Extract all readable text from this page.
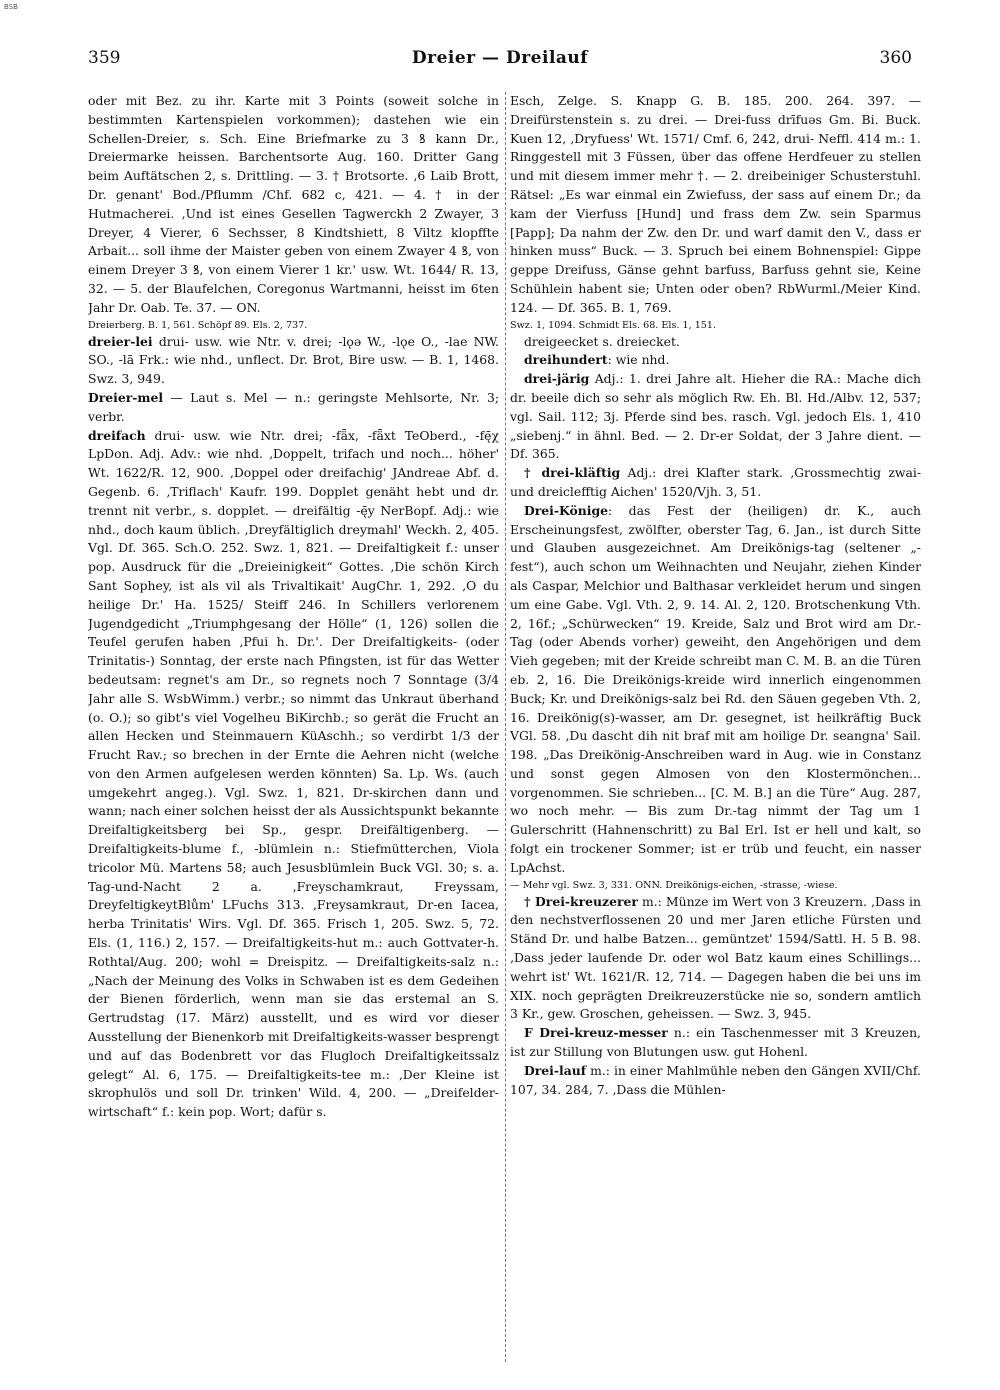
BSB
359	Dreier — Dreilauf	360

oder mit Bez. zu ihr. Karte mit 3 Points (soweit solche in bestimmten Kartenspielen vorkommen); dastehen wie ein Schellen-Dreier, s. Sch. Eine Briefmarke zu 3 ꝸ kann Dr., Dreiermarke heissen. Barchentsorte Aug. 160. Dritter Gang beim Auftätschen 2, s. Drittling. — 3. † Brotsorte. ‚6 Laib Brott, Dr. genant' Bod./Pflumm /Chf. 682 c, 421. — 4. † in der Hutmacherei. ‚Und ist eines Gesellen Tagwerckh 2 Zwayer, 3 Dreyer, 4 Vierer, 6 Sechsser, 8 Kindtshiett, 8 Viltz klopffte Arbait... soll ihme der Maister geben von einem Zwayer 4 ꝸ, von einem Dreyer 3 ꝸ, von einem Vierer 1 kr.' usw. Wt. 1644/ R. 13, 32. — 5. der Blaufelchen, Coregonus Wartmanni, heisst im 6ten Jahr Dr. Oab. Te. 37. — ON.

Dreierberg. B. 1, 561. Schöpf 89. Els. 2, 737.

dreier-lei drui- usw. wie Ntr. v. drei; -lǫə W., -lǫe O., -lae NW. SO., -lā Frk.: wie nhd., unflect. Dr. Brot, Bire usw. — B. 1, 1468. Swz. 3, 949.

Dreier-mel — Laut s. Mel — n.: geringste Mehlsorte, Nr. 3; verbr.

dreifach drui- usw. wie Ntr. drei; -fǟx, -fǟxt TeOberd., -fę̄χ LpDon. Adj. Adv.: wie nhd. ‚Doppelt, trifach und noch... höher' Wt. 1622/R. 12, 900. ‚Doppel oder dreifachig' JAndreae Abf. d. Gegenb. 6. ‚Triflach' Kaufr. 199. Dopplet genäht hebt und dr. trennt nit verbr., s. dopplet. — dreifältig -ę̄y NerBopf. Adj.: wie nhd., doch kaum üblich. ‚Dreyfältiglich dreymahl' Weckh. 2, 405. Vgl. Df. 365. Sch.O. 252. Swz. 1, 821. — Dreifaltigkeit f.: unser pop. Ausdruck für die „Dreieinigkeit“ Gottes. ‚Die schön Kirch Sant Sophey, ist als vil als Trivaltikait' AugChr. 1, 292. ‚O du heilige Dr.' Ha. 1525/ Steiff 246. In Schillers verlorenem Jugendgedicht „Triumphgesang der Hölle“ (1, 126) sollen die Teufel gerufen haben ‚Pfui h. Dr.'. Der Dreifaltigkeits- (oder Trinitatis-) Sonntag, der erste nach Pfingsten, ist für das Wetter bedeutsam: regnet's am Dr., so regnets noch 7 Sonntage (3/4 Jahr alle S. WsbWimm.) verbr.; so nimmt das Unkraut überhand (o. O.); so gibt's viel Vogelheu BiKirchb.; so gerät die Frucht an allen Hecken und Steinmauern KüAschh.; so verdirbt 1/3 der Frucht Rav.; so brechen in der Ernte die Aehren nicht (welche von den Armen aufgelesen werden könnten) Sa. Lp. Ws. (auch umgekehrt angeg.). Vgl. Swz. 1, 821. Dr-skirchen dann und wann; nach einer solchen heisst der als Aussichtspunkt bekannte Dreifaltigkeitsberg bei Sp., gespr. Dreifältigenberg. — Dreifaltigkeits-blume f., -blümlein n.: Stiefmütterchen, Viola tricolor Mü. Martens 58; auch Jesusblümlein Buck VGl. 30; s. a. Tag-und-Nacht 2 a. ‚Freyschamkraut, Freyssam, DreyfeltigkeytBlům' LFuchs 313. ‚Freysamkraut, Dr-en Iacea, herba Trinitatis' Wirs. Vgl. Df. 365. Frisch 1, 205. Swz. 5, 72. Els. (1, 116.) 2, 157. — Dreifaltigkeits-hut m.: auch Gottvater-h. Rothtal/Aug. 200; wohl = Dreispitz. — Dreifaltigkeits-salz n.: „Nach der Meinung des Volks in Schwaben ist es dem Gedeihen der Bienen förderlich, wenn man sie das erstemal an S. Gertrudstag (17. März) ausstellt, und es wird vor dieser Ausstellung der Bienenkorb mit Dreifaltigkeits-wasser besprengt und auf das Bodenbrett vor das Flugloch Dreifaltigkeitssalz gelegt“ Al. 6, 175. — Dreifaltigkeits-tee m.: ‚Der Kleine ist skrophulös und soll Dr. trinken' Wild. 4, 200. — „Dreifelder-wirtschaft“ f.: kein pop. Wort; dafür s.

Esch, Zelge. S. Knapp G. B. 185. 200. 264. 397. — Dreifürstenstein s. zu drei. — Drei-fuss drīfuəs Gm. Bi. Buck. Kuen 12, ‚Dryfuess' Wt. 1571/ Cmf. 6, 242, drui- Neffl. 414 m.: 1. Ringgestell mit 3 Füssen, über das offene Herdfeuer zu stellen und mit diesem immer mehr †. — 2. dreibeiniger Schusterstuhl. Rätsel: „Es war einmal ein Zwiefuss, der sass auf einem Dr.; da kam der Vierfuss [Hund] und frass dem Zw. sein Sparmus [Papp]; Da nahm der Zw. den Dr. und warf damit den V., dass er hinken muss“ Buck. — 3. Spruch bei einem Bohnenspiel: Gippe geppe Dreifuss, Gänse gehnt barfuss, Barfuss gehnt sie, Keine Schühlein habent sie; Unten oder oben? RbWurml./Meier Kind. 124. — Df. 365. B. 1, 769.

Swz. 1, 1094. Schmidt Els. 68. Els. 1, 151.

dreigeecket s. dreiecket.

dreihundert: wie nhd.

drei-järig Adj.: 1. drei Jahre alt. Hieher die RA.: Mache dich dr. beeile dich so sehr als möglich Rw. Eh. Bl. Hd./Albv. 12, 537; vgl. Sail. 112; 3j. Pferde sind bes. rasch. Vgl. jedoch Els. 1, 410 „siebenj.“ in ähnl. Bed. — 2. Dr-er Soldat, der 3 Jahre dient. — Df. 365.

† drei-kläftig Adj.: drei Klafter stark. ‚Grossmechtig zwai- und dreiclefftig Aichen' 1520/Vjh. 3, 51.

Drei-Könige: das Fest der (heiligen) dr. K., auch Erscheinungsfest, zwölfter, oberster Tag, 6. Jan., ist durch Sitte und Glauben ausgezeichnet. Am Dreikönigs-tag (seltener „-fest“), auch schon um Weihnachten und Neujahr, ziehen Kinder als Caspar, Melchior und Balthasar verkleidet herum und singen um eine Gabe. Vgl. Vth. 2, 9. 14. Al. 2, 120. Brotschenkung Vth. 2, 16f.; „Schürwecken“ 19. Kreide, Salz und Brot wird am Dr.-Tag (oder Abends vorher) geweiht, den Angehörigen und dem Vieh gegeben; mit der Kreide schreibt man C. M. B. an die Türen eb. 2, 16. Die Dreikönigs-kreide wird innerlich eingenommen Buck; Kr. und Dreikönigs-salz bei Rd. den Säuen gegeben Vth. 2, 16. Dreikönig(s)-wasser, am Dr. gesegnet, ist heilkräftig Buck VGl. 58. ‚Du dascht dih nit braf mit am hoilige Dr. seangna' Sail. 198. „Das Dreikönig-Anschreiben ward in Aug. wie in Constanz und sonst gegen Almosen von den Klostermönchen... vorgenommen. Sie schrieben... [C. M. B.] an die Türe“ Aug. 287, wo noch mehr. — Bis zum Dr.-tag nimmt der Tag um 1 Gulerschritt (Hahnenschritt) zu Bal Erl. Ist er hell und kalt, so folgt ein trockener Sommer; ist er trüb und feucht, ein nasser LpAchst.

— Mehr vgl. Swz. 3, 331. ONN. Dreikönigs-eichen, -strasse, -wiese.

† Drei-kreuzerer m.: Münze im Wert von 3 Kreuzern. ‚Dass in den nechstverflossenen 20 und mer Jaren etliche Fürsten und Ständ Dr. und halbe Batzen... gemüntzet' 1594/Sattl. H. 5 B. 98. ‚Dass jeder laufende Dr. oder wol Batz kaum eines Schillings... wehrt ist' Wt. 1621/R. 12, 714. — Dagegen haben die bei uns im XIX. noch geprägten Dreikreuzerstücke nie so, sondern amtlich 3 Kr., gew. Groschen, geheissen. — Swz. 3, 945.

F Drei-kreuz-messer n.: ein Taschenmesser mit 3 Kreuzen, ist zur Stillung von Blutungen usw. gut Hohenl.

Drei-lauf m.: in einer Mahlmühle neben den Gängen XVII/Chf. 107, 34. 284, 7. ‚Dass die Mühlen-
